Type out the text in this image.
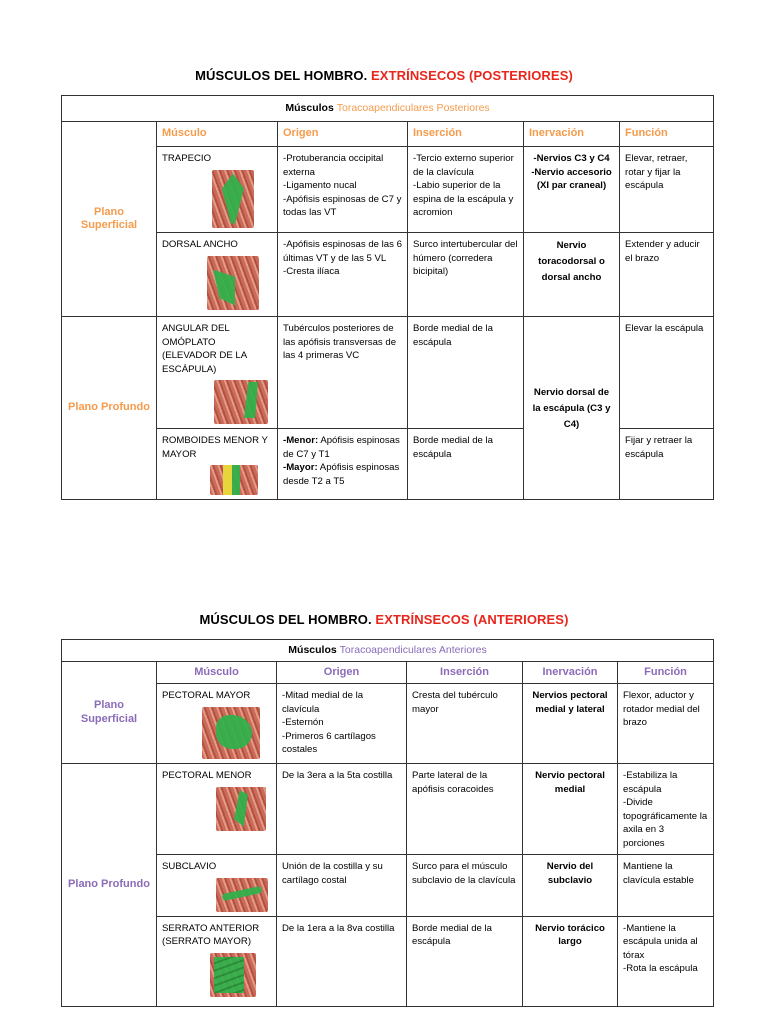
MÚSCULOS DEL HOMBRO. EXTRÍNSECOS (POSTERIORES)
Músculos Toracoapendiculares Posteriores					
Plano Superficial	Músculo	Origen	Inserción	Inervación	Función
	TRAPECIO	-Protuberancia occipital externa
-Ligamento nucal
-Apófisis espinosas de C7 y todas las VT	-Tercio externo superior de la clavícula
-Labio superior de la espina de la escápula y acromion	-Nervios C3 y C4
-Nervio accesorio (XI par craneal)	Elevar, retraer, rotar y fijar la escápula
	DORSAL ANCHO	-Apófisis espinosas de las 6 últimas VT y de las 5 VL
-Cresta ilíaca	Surco intertubercular del húmero (corredera bicipital)	Nervio toracodorsal o dorsal ancho	Extender y aducir el brazo
Plano Profundo	ANGULAR DEL OMÓPLATO (ELEVADOR DE LA ESCÁPULA)	Tubérculos posteriores de las apófisis transversas de las 4 primeras VC	Borde medial de la escápula	Nervio dorsal de la escápula (C3 y C4)	Elevar la escápula
	ROMBOIDES MENOR Y MAYOR	-Menor: Apófisis espinosas de C7 y T1
-Mayor: Apófisis espinosas desde T2 a T5	Borde medial de la escápula		Fijar y retraer la escápula
MÚSCULOS DEL HOMBRO. EXTRÍNSECOS (ANTERIORES)
Músculos Toracoapendiculares Anteriores					
Plano Superficial	Músculo	Origen	Inserción	Inervación	Función
	PECTORAL MAYOR	-Mitad medial de la clavícula
-Esternón
-Primeros 6 cartílagos costales	Cresta del tubérculo mayor	Nervios pectoral medial y lateral	Flexor, aductor y rotador medial del brazo
Plano Profundo	PECTORAL MENOR	De la 3era a la 5ta costilla	Parte lateral de la apófisis coracoides	Nervio pectoral medial	-Estabiliza la escápula
-Divide topográficamente la axila en 3 porciones
	SUBCLAVIO	Unión de la costilla y su cartílago costal	Surco para el músculo subclavio de la clavícula	Nervio del subclavio	Mantiene la clavícula estable
	SERRATO ANTERIOR (SERRATO MAYOR)	De la 1era a la 8va costilla	Borde medial de la escápula	Nervio torácico largo	-Mantiene la escápula unida al tórax
-Rota la escápula
